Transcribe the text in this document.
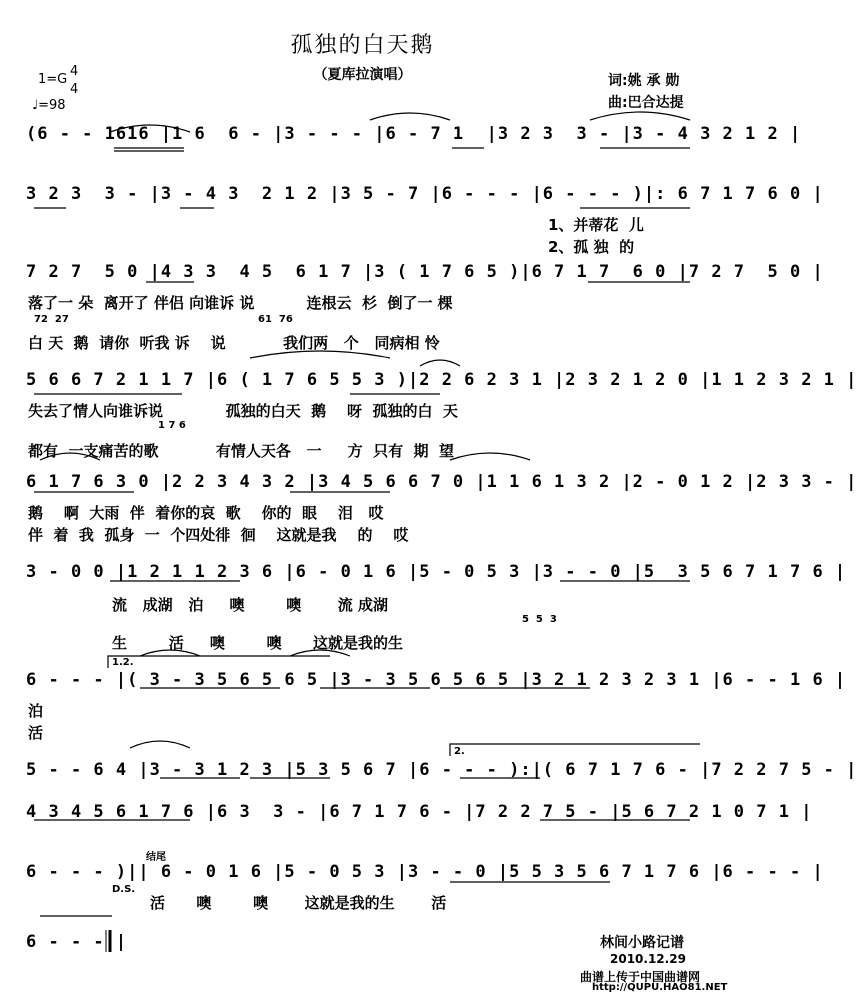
孤独的白天鹅
（夏库拉演唱）
1=G
4
4
♩=98
词:姚 承 勋
曲:巴合达提
(6 - - 1616 |1 6  6 - |3 - - - |6 - 7 1  |3 2 3  3 - |3 - 4 3 2 1 2 |
3 2 3  3 - |3 - 4 3  2 1 2 |3 5 - 7 |6 - - - |6 - - - )|: 6 7 1 7 6 0 |
1、并蒂花  儿
2、孤 独  的
7 2 7  5 0 |4 3 3  4 5  6 1 7 |3 ( 1 7 6 5 )|6 7 1 7  6 0 |7 2 7  5 0 |
落了一 朵  离开了 伴侣 向谁诉 说          连根云  杉  倒了一 棵
72  27	61  76
白 天  鹅  请你  听我 诉    说           我们两   个   同病相 怜
5 6 6 7 2 1 1 7 |6 ( 1 7 6 5 5 3 )|2 2 6 2 3 1 |2 3 2 1 2 0 |1 1 2 3 2 1 |
失去了情人向谁诉说            孤独的白天  鹅    呀  孤独的白  天
1 7 6
都有  一支痛苦的歌           有情人天各   一     方  只有  期  望
6 1 7 6 3 0 |2 2 3 4 3 2 |3 4 5 6 6 7 0 |1 1 6 1 3 2 |2 - 0 1 2 |2 3 3 - |
鹅    啊  大雨  伴  着你的哀  歌    你的  眼    泪   哎
伴  着  我  孤身  一  个四处徘  徊    这就是我    的    哎
3 - 0 0 |1 2 1 1 2 3 6 |6 - 0 1 6 |5 - 0 5 3 |3 - - 0 |5  3 5 6 7 1 7 6 |
流   成湖   泊     噢        噢       流 成湖
5  5  3
生        活     噢        噢      这就是我的生
1.2.
6 - - - |( 3 - 3 5 6 5 6 5 |3 - 3 5 6 5 6 5 |3 2 1 2 3 2 3 1 |6 - - 1 6 |
泊
活
2.
5 - - 6 4 |3 - 3 1 2 3 |5 3 5 6 7 |6 - - - ):|( 6 7 1 7 6 - |7 2 2 7 5 - |
4 3 4 5 6 1 7 6 |6 3  3 - |6 7 1 7 6 - |7 2 2 7 5 - |5 6 7 2 1 0 7 1 |
结尾
6 - - - )|| 6 - 0 1 6 |5 - 0 5 3 |3 - - 0 |5 5 3 5 6 7 1 7 6 |6 - - - |
D.S.
活      噢        噢       这就是我的生       活
6 - - -||	林间小路记谱
2010.12.29
曲谱上传于中国曲谱网
http://QUPU.HAO81.NET
